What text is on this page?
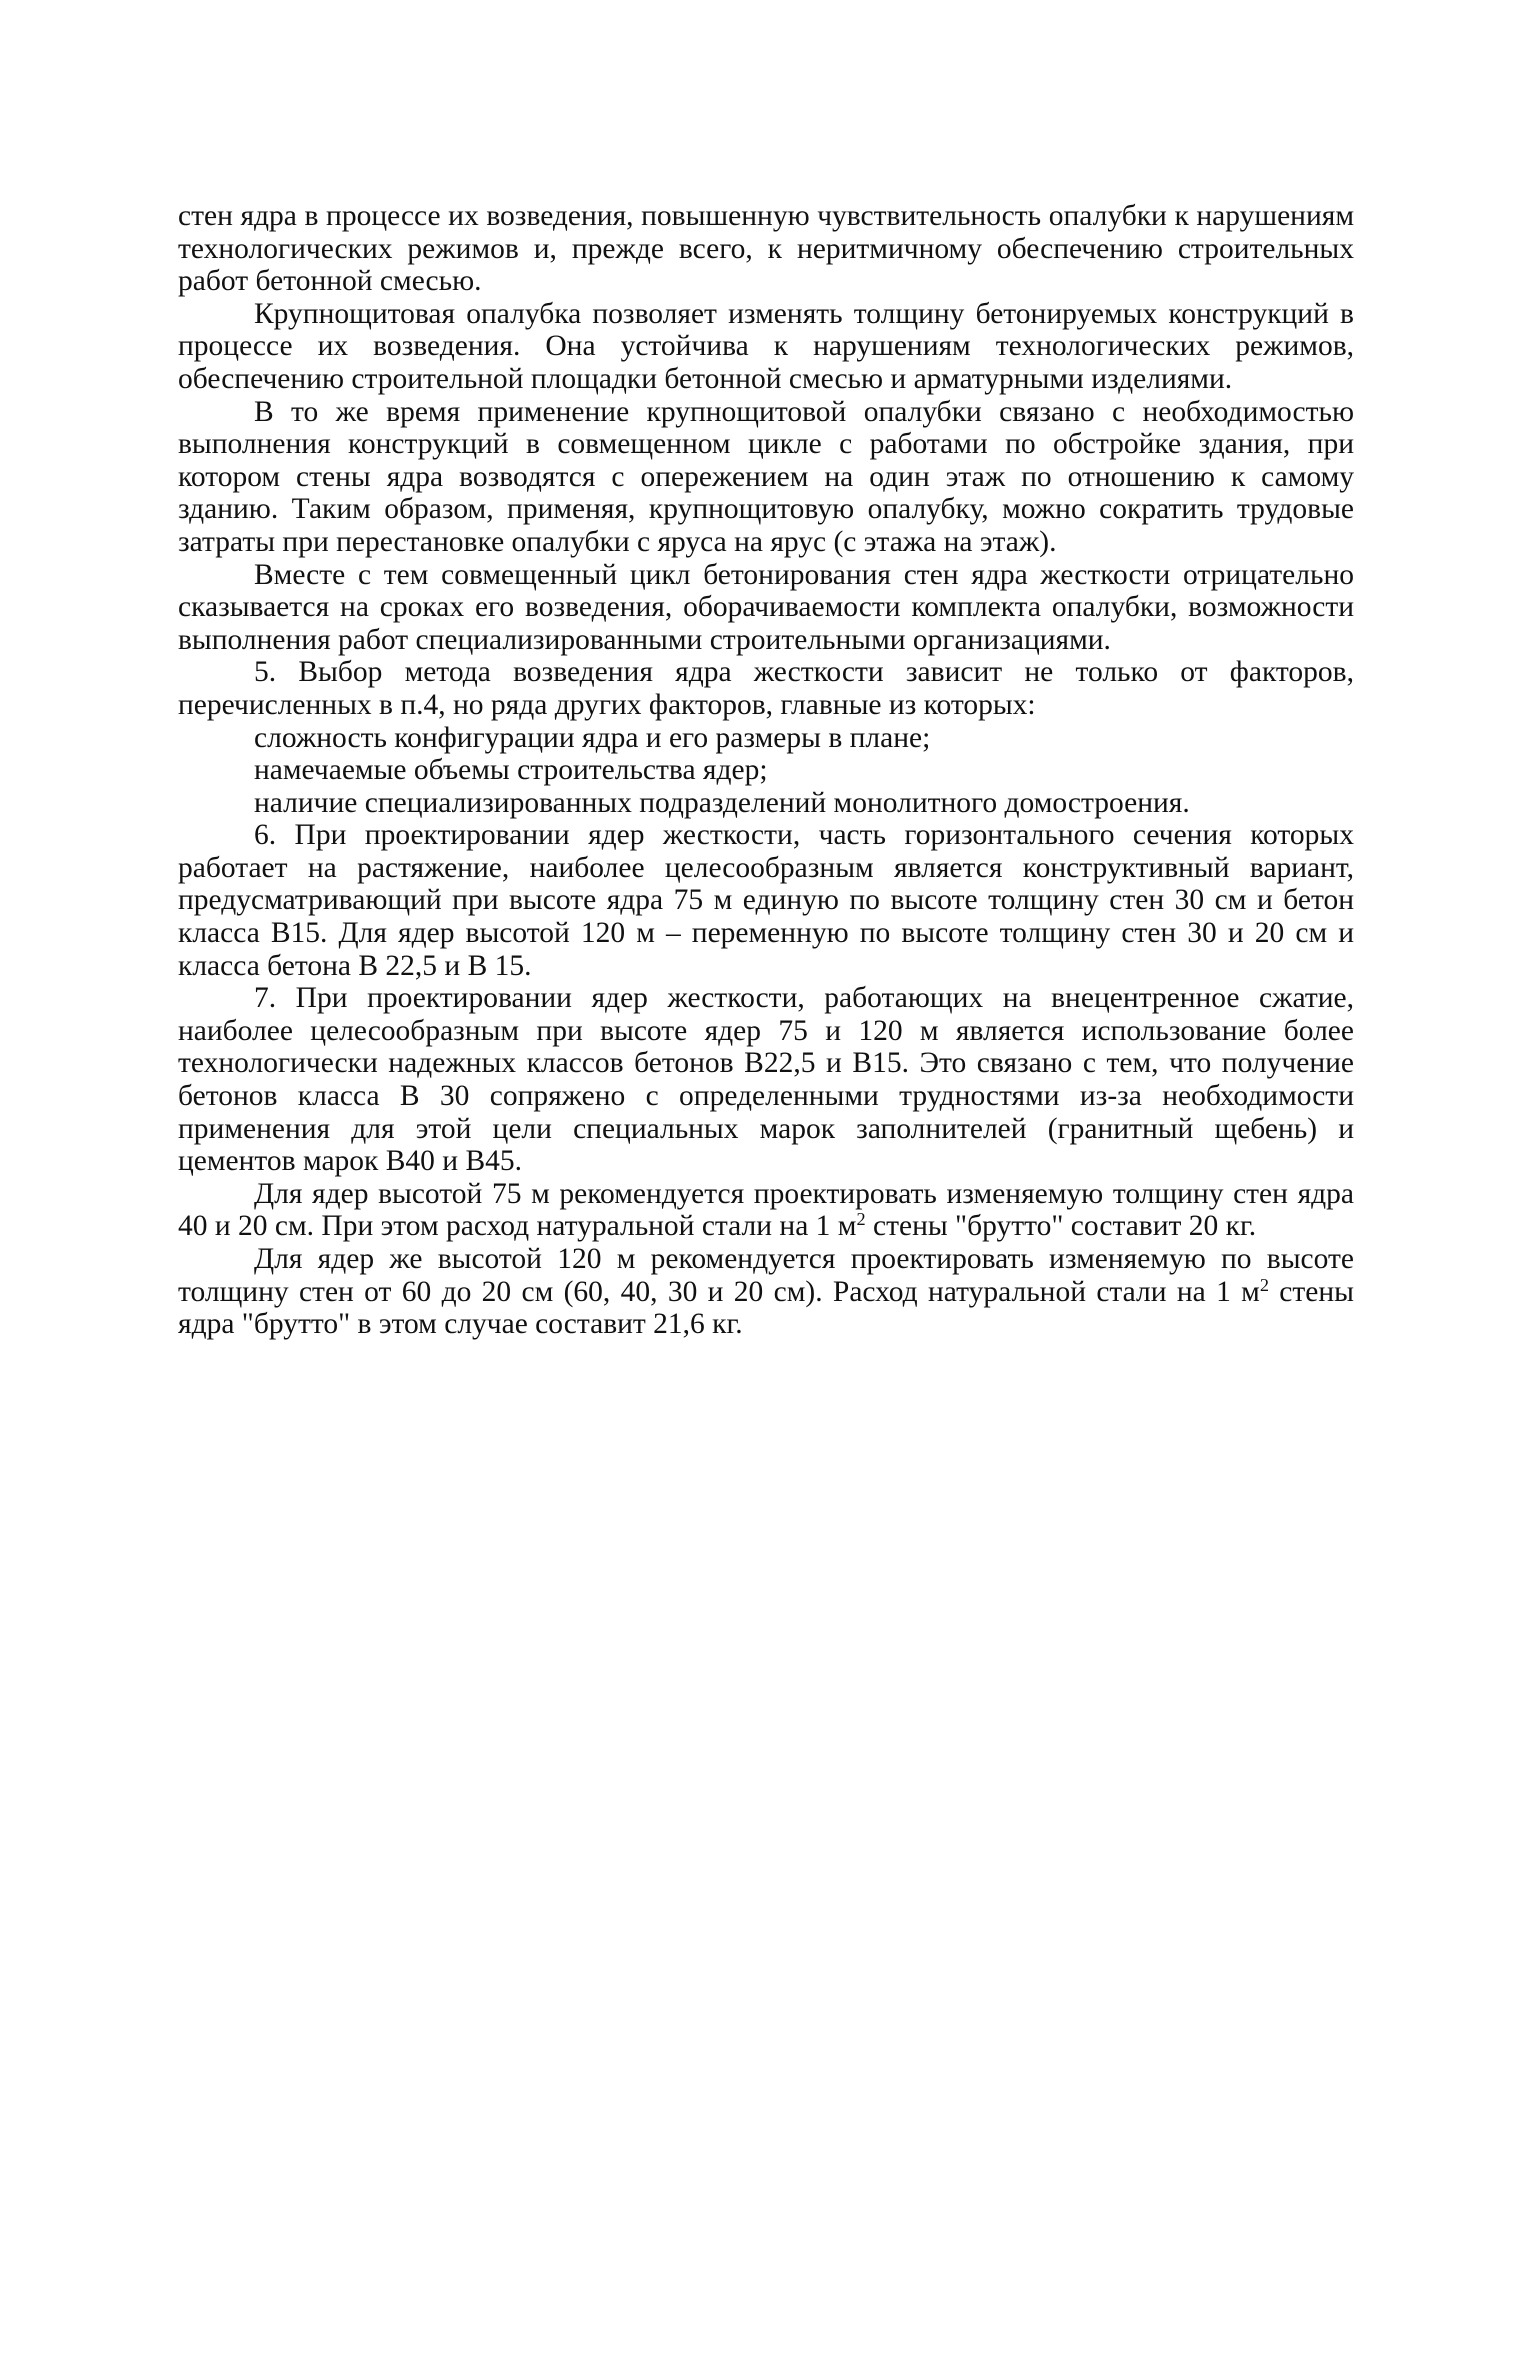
стен ядра в процессе их возведения, повышенную чувствительность опалубки к нарушениям технологических режимов и, прежде всего, к неритмичному обеспечению строительных работ бетонной смесью.

Крупнощитовая опалубка позволяет изменять толщину бетонируемых конструкций в процессе их возведения. Она устойчива к нарушениям технологических режимов, обеспечению строительной площадки бетонной смесью и арматурными изделиями.

В то же время применение крупнощитовой опалубки связано с необходимостью выполнения конструкций в совмещенном цикле с работами по обстройке здания, при котором стены ядра возводятся с опережением на один этаж по отношению к самому зданию. Таким образом, применяя, крупнощитовую опалубку, можно сократить трудовые затраты при перестановке опалубки с яруса на ярус (с этажа на этаж).

Вместе с тем совмещенный цикл бетонирования стен ядра жесткости отрицательно сказывается на сроках его возведения, оборачиваемости комплекта опалубки, возможности выполнения работ специализированными строительными организациями.

5. Выбор метода возведения ядра жесткости зависит не только от факторов, перечисленных в п.4, но ряда других факторов, главные из которых:

сложность конфигурации ядра и его размеры в плане;

намечаемые объемы строительства ядер;

наличие специализированных подразделений монолитного домостроения.

6. При проектировании ядер жесткости, часть горизонтального сечения которых работает на растяжение, наиболее целесообразным является конструктивный вариант, предусматривающий при высоте ядра 75 м единую по высоте толщину стен 30 см и бетон класса В15. Для ядер высотой 120 м – переменную по высоте толщину стен 30 и 20 см и класса бетона В 22,5 и В 15.

7. При проектировании ядер жесткости, работающих на внецентренное сжатие, наиболее целесообразным при высоте ядер 75 и 120 м является использование более технологически надежных классов бетонов В22,5 и В15. Это связано с тем, что получение бетонов класса В 30 сопряжено с определенными трудностями из-за необходимости применения для этой цели специальных марок заполнителей (гранитный щебень) и цементов марок В40 и В45.

Для ядер высотой 75 м рекомендуется проектировать изменяемую толщину стен ядра 40 и 20 см. При этом расход натуральной стали на 1 $м^2$ стены "брутто" составит 20 кг.

Для ядер же высотой 120 м рекомендуется проектировать изменяемую по высоте толщину стен от 60 до 20 см (60, 40, 30 и 20 см). Расход натуральной стали на 1 $м^2$ стены ядра "брутто" в этом случае составит 21,6 кг.
